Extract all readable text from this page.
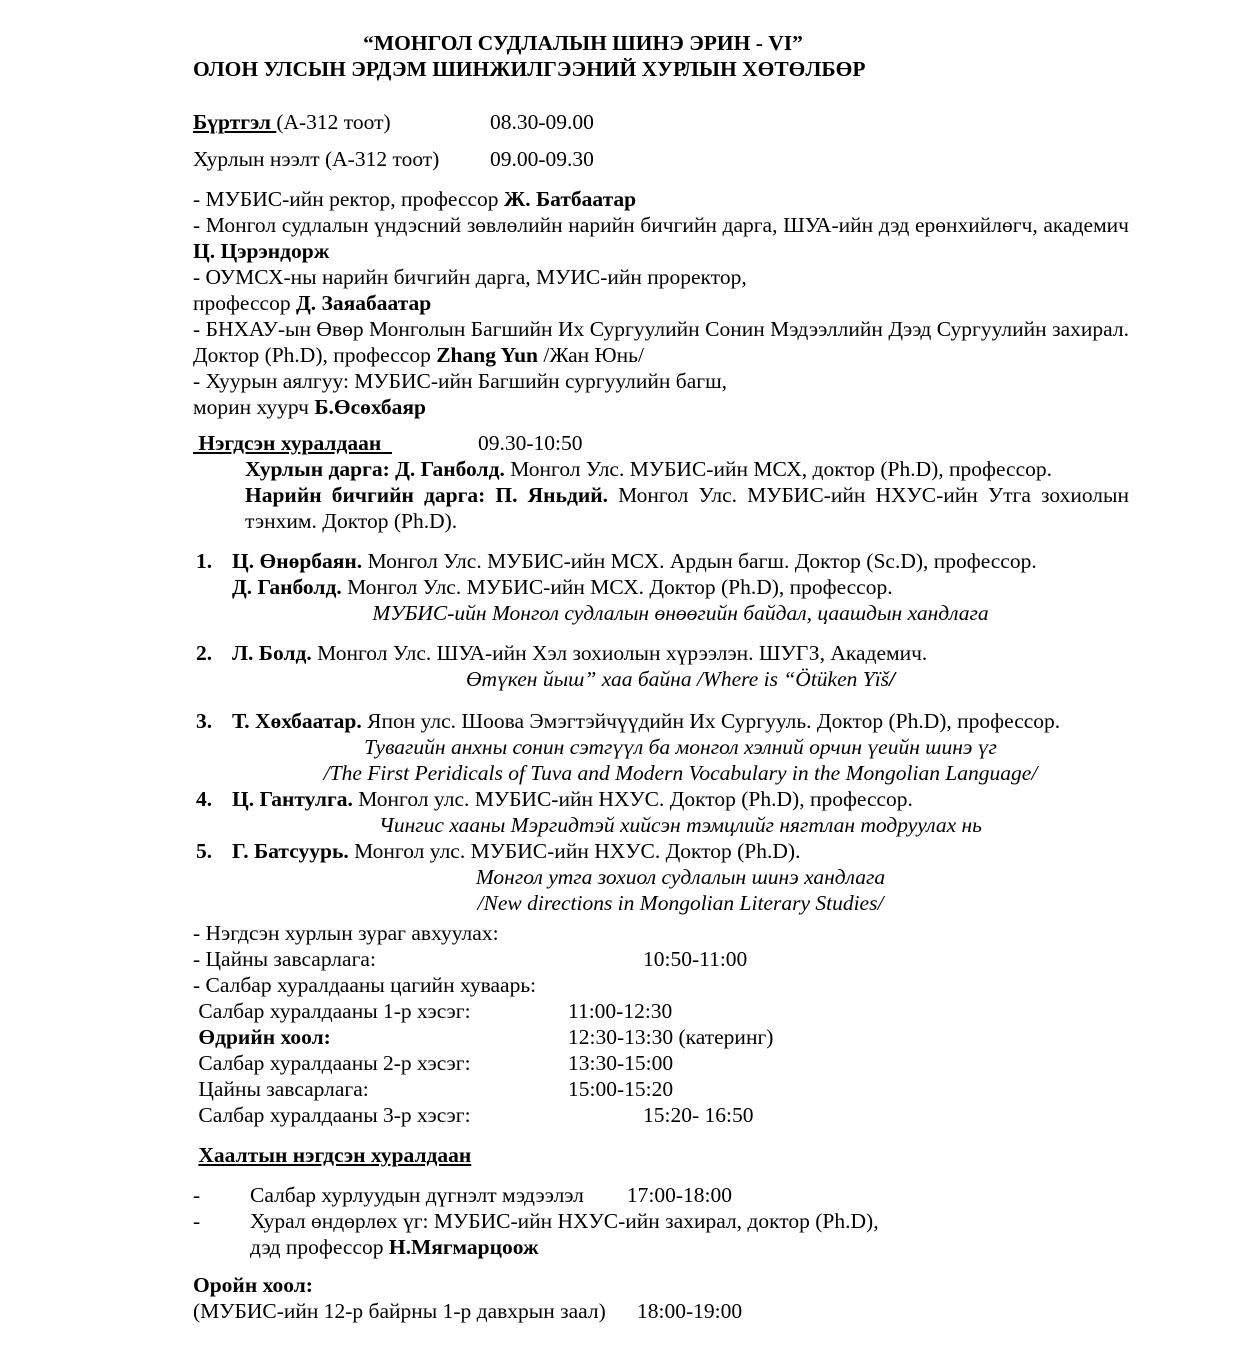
“МОНГОЛ СУДЛАЛЫН ШИНЭ ЭРИН - VI”
ОЛОН УЛСЫН ЭРДЭМ ШИНЖИЛГЭЭНИЙ ХУРЛЫН ХӨТӨЛБӨР
Бүртгэл (А-312 тоот)	08.30-09.00
Хурлын нээлт (А-312 тоот) 09.00-09.30
- МУБИС-ийн ректор, профессор Ж. Батбаатар
- Монгол судлалын үндэсний зөвлөлийн нарийн бичгийн дарга, ШУА-ийн дэд ерөнхийлөгч, академич Ц. Цэрэндорж
- ОУМСХ-ны нарийн бичгийн дарга, МУИС-ийн проректор,
профессор Д. Заяабаатар
- БНХАУ-ын Өвөр Монголын Багшийн Их Сургуулийн Сонин Мэдээллийн Дээд Сургуулийн захирал. Доктор (Ph.D), профессор Zhang Yun /Жан Юнь/
- Хуурын аялгуу: МУБИС-ийн Багшийн сургуулийн багш,
морин хуурч Б.Өсөхбаяр
Нэгдсэн хуралдаан	09.30-10:50
Хурлын дарга: Д. Ганболд. Монгол Улс. МУБИС-ийн МСХ, доктор (Ph.D), профессор.
Нарийн бичгийн дарга: П. Яньдий. Монгол Улс. МУБИС-ийн НХУС-ийн Утга зохиолын тэнхим. Доктор (Ph.D).
1. Ц. Өнөрбаян. Монгол Улс. МУБИС-ийн МСХ. Ардын багш. Доктор (Sc.D), профессор.
Д. Ганболд. Монгол Улс. МУБИС-ийн МСХ. Доктор (Ph.D), профессор.
МУБИС-ийн Монгол судлалын өнөөгийн байдал, цаашдын хандлага
2. Л. Болд. Монгол Улс. ШУА-ийн Хэл зохиолын хүрээлэн. ШУГЗ, Академич.
Өтүкен йыш” хаа байна /Where is “Ötüken Yïš/
3. Т. Хөхбаатар. Япон улс. Шоова Эмэгтэйчүүдийн Их Сургууль. Доктор (Ph.D), профессор.
Тувагийн анхны сонин сэтгүүл ба монгол хэлний орчин үеийн шинэ үг
/The First Peridicals of Tuva and Modern Vocabulary in the Mongolian Language/
4. Ц. Гантулга. Монгол улс. МУБИС-ийн НХУС. Доктор (Ph.D), профессор.
Чингис хааны Мэргидтэй хийсэн тэмцлийг нягтлан тодруулах нь
5. Г. Батсуурь. Монгол улс. МУБИС-ийн НХУС. Доктор (Ph.D).
Монгол утга зохиол судлалын шинэ хандлага
/New directions in Mongolian Literary Studies/
- Нэгдсэн хурлын зураг авхуулах:
- Цайны завсарлага:	10:50-11:00
- Салбар хуралдааны цагийн хуваарь:
Салбар хуралдааны 1-р хэсэг:	11:00-12:30
Өдрийн хоол:	12:30-13:30 (катеринг)
Салбар хуралдааны 2-р хэсэг:	13:30-15:00
Цайны завсарлага:	15:00-15:20
Салбар хуралдааны 3-р хэсэг:	15:20- 16:50
Хаалтын нэгдсэн хуралдаан
- Салбар хурлуудын дүгнэлт мэдээлэл        17:00-18:00
- Хурал өндөрлөх үг: МУБИС-ийн НХУС-ийн захирал, доктор (Ph.D),
дэд профессор Н.Мягмарцоож
Оройн хоол:
(МУБИС-ийн 12-р байрны 1-р давхрын заал) 18:00-19:00
